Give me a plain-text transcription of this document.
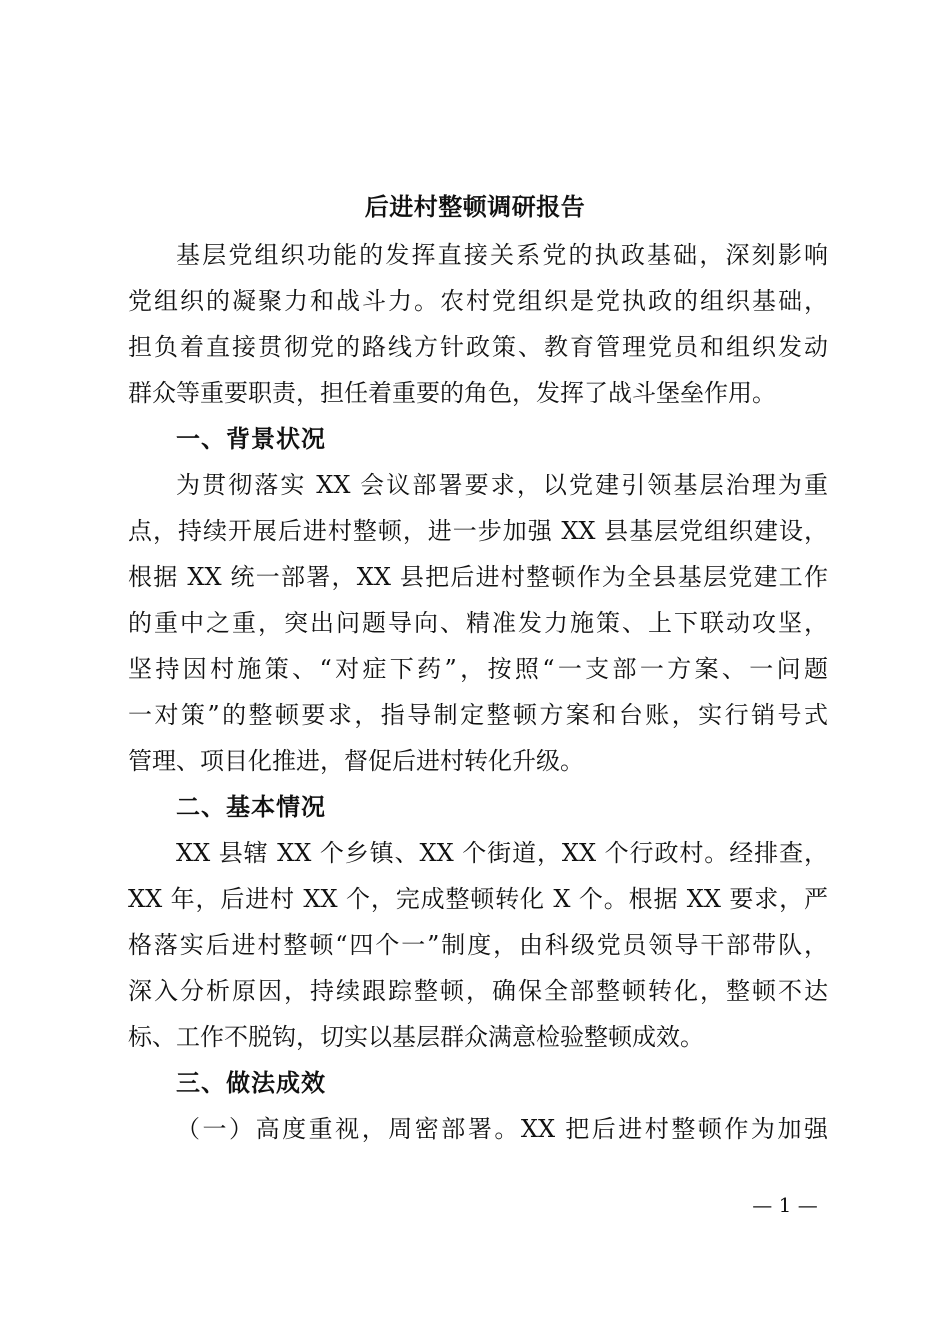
后进村整顿调研报告
基层党组织功能的发挥直接关系党的执政基础，深刻影响
党组织的凝聚力和战斗力。农村党组织是党执政的组织基础，
担负着直接贯彻党的路线方针政策、教育管理党员和组织发动
群众等重要职责，担任着重要的角色，发挥了战斗堡垒作用。
一、背景状况
为贯彻落实 XX 会议部署要求，以党建引领基层治理为重
点，持续开展后进村整顿，进一步加强 XX 县基层党组织建设，
根据 XX 统一部署，XX 县把后进村整顿作为全县基层党建工作
的重中之重，突出问题导向、精准发力施策、上下联动攻坚，
坚持因村施策、“对症下药”，按照“一支部一方案、一问题
一对策”的整顿要求，指导制定整顿方案和台账，实行销号式
管理、项目化推进，督促后进村转化升级。
二、基本情况
XX 县辖 XX 个乡镇、XX 个街道，XX 个行政村。经排查，
XX 年，后进村 XX 个，完成整顿转化 X 个。根据 XX 要求，严
格落实后进村整顿“四个一”制度，由科级党员领导干部带队，
深入分析原因，持续跟踪整顿，确保全部整顿转化，整顿不达
标、工作不脱钩，切实以基层群众满意检验整顿成效。
三、做法成效
（一）高度重视，周密部署。XX 把后进村整顿作为加强
— 1 —
